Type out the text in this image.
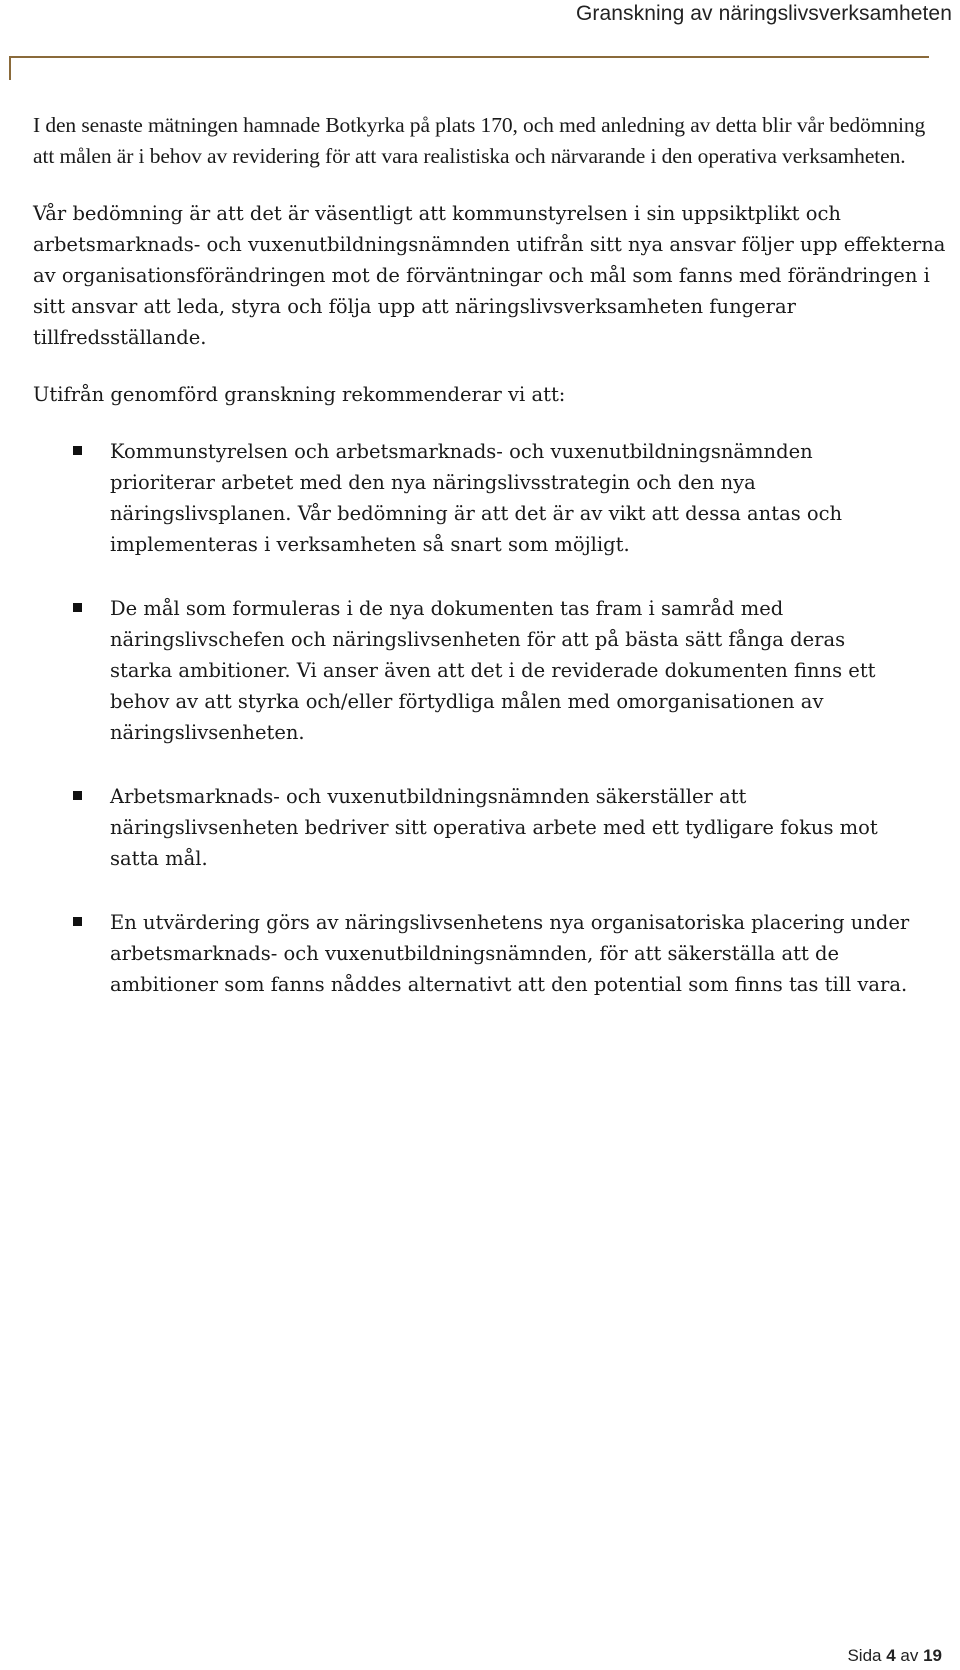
Granskning av näringslivsverksamheten

I den senaste mätningen hamnade Botkyrka på plats 170, och med anledning av detta blir vår bedömning att målen är i behov av revidering för att vara realistiska och närvarande i den operativa verksamheten.

Vår bedömning är att det är väsentligt att kommunstyrelsen i sin uppsiktplikt och arbetsmarknads- och vuxenutbildningsnämnden utifrån sitt nya ansvar följer upp effekterna av organisationsförändringen mot de förväntningar och mål som fanns med förändringen i sitt ansvar att leda, styra och följa upp att näringslivsverksamheten fungerar tillfredsställande.

Utifrån genomförd granskning rekommenderar vi att:

Kommunstyrelsen och arbetsmarknads- och vuxenutbildningsnämnden prioriterar arbetet med den nya näringslivsstrategin och den nya näringslivsplanen. Vår bedömning är att det är av vikt att dessa antas och implementeras i verksamheten så snart som möjligt.
De mål som formuleras i de nya dokumenten tas fram i samråd med näringslivschefen och näringslivsenheten för att på bästa sätt fånga deras starka ambitioner. Vi anser även att det i de reviderade dokumenten finns ett behov av att styrka och/eller förtydliga målen med omorganisationen av näringslivsenheten.
Arbetsmarknads- och vuxenutbildningsnämnden säkerställer att näringslivsenheten bedriver sitt operativa arbete med ett tydligare fokus mot satta mål.
En utvärdering görs av näringslivsenhetens nya organisatoriska placering under arbetsmarknads- och vuxenutbildningsnämnden, för att säkerställa att de ambitioner som fanns nåddes alternativt att den potential som finns tas till vara.
Sida 4 av 19
